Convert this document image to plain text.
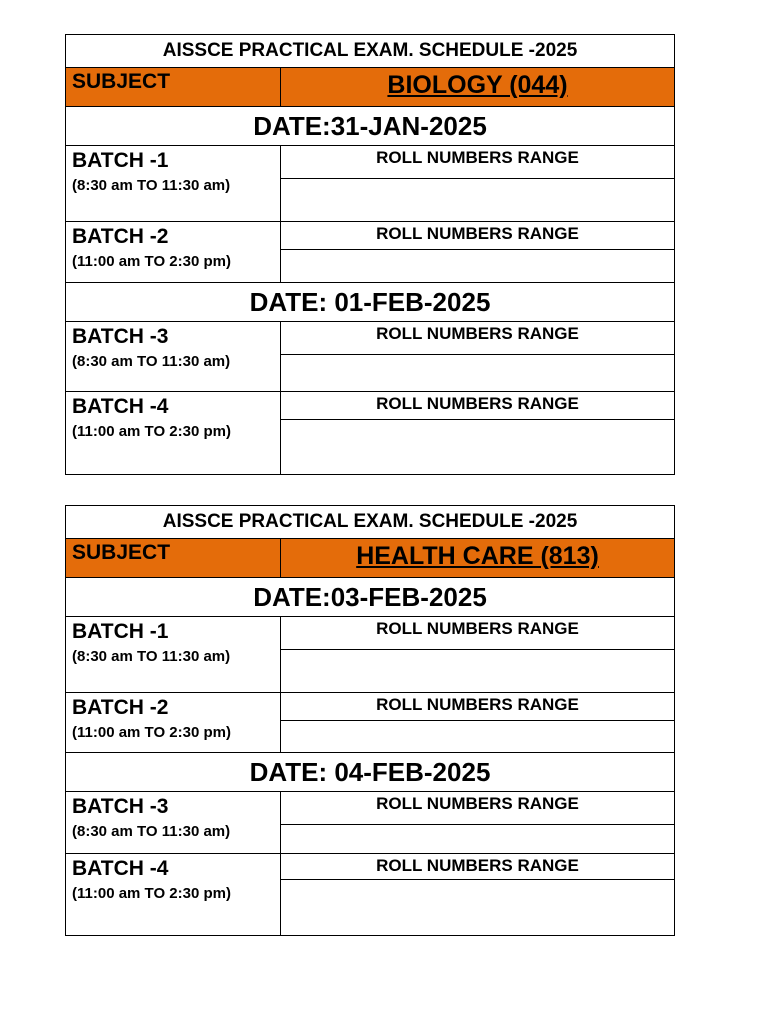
AISSCE PRACTICAL EXAM. SCHEDULE -2025
SUBJECT	BIOLOGY (044)
DATE:31-JAN-2025
BATCH -1
(8:30 am TO 11:30 am)
ROLL NUMBERS RANGE
BATCH -2
(11:00 am TO 2:30 pm)
ROLL NUMBERS RANGE
DATE: 01-FEB-2025
BATCH -3
(8:30 am TO 11:30 am)
ROLL NUMBERS RANGE
BATCH -4
(11:00 am TO 2:30 pm)
ROLL NUMBERS RANGE
AISSCE PRACTICAL EXAM. SCHEDULE -2025
SUBJECT	HEALTH CARE (813)
DATE:03-FEB-2025
BATCH -1
(8:30 am TO 11:30 am)
ROLL NUMBERS RANGE
BATCH -2
(11:00 am TO 2:30 pm)
ROLL NUMBERS RANGE
DATE: 04-FEB-2025
BATCH -3
(8:30 am TO 11:30 am)
ROLL NUMBERS RANGE
BATCH -4
(11:00 am TO 2:30 pm)
ROLL NUMBERS RANGE
